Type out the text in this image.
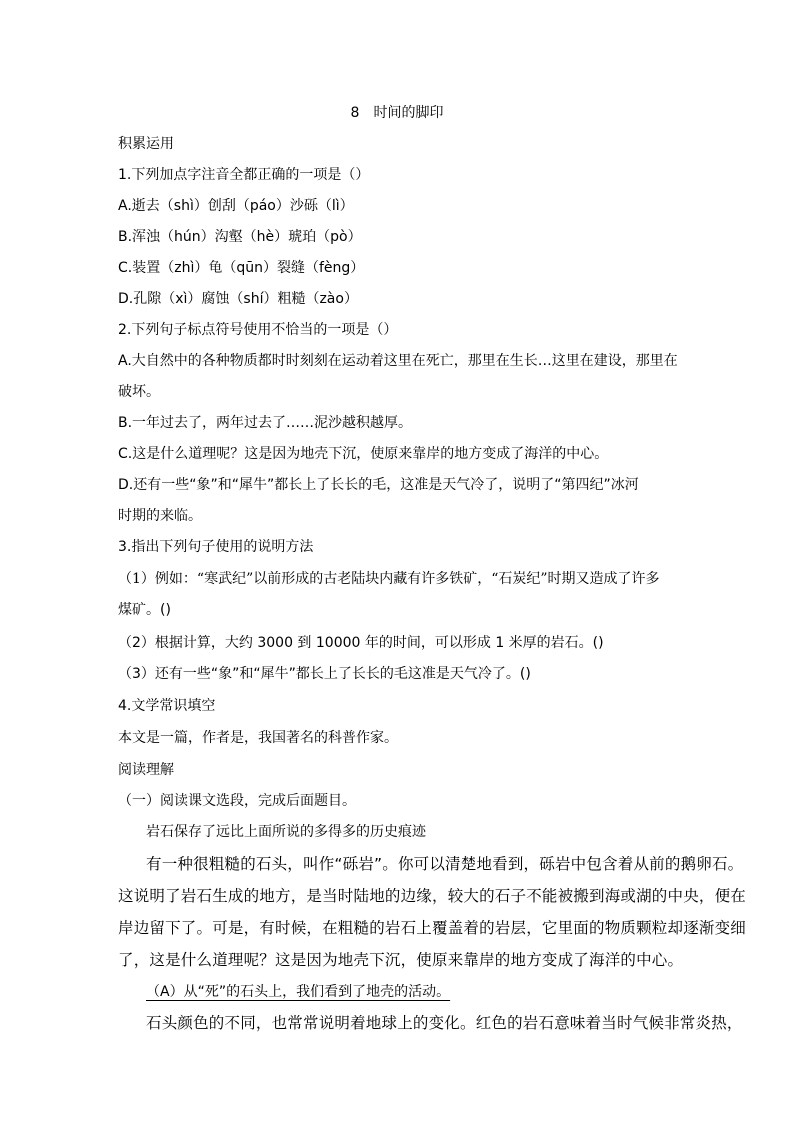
8　时间的脚印
积累运用
1.下列加点字注音全都正确的一项是（）
A.逝去（shì）创刮（páo）沙砾（lì）
B.浑浊（hún）沟壑（hè）琥珀（pò）
C.装置（zhì）龟（qūn）裂缝（fèng）
D.孔隙（xì）腐蚀（shí）粗糙（zào）
2.下列句子标点符号使用不恰当的一项是（）
A.大自然中的各种物质都时时刻刻在运动着这里在死亡，那里在生长…这里在建设，那里在
破坏。
B.一年过去了，两年过去了……泥沙越积越厚。
C.这是什么道理呢？这是因为地壳下沉，使原来靠岸的地方变成了海洋的中心。
D.还有一些“象”和“犀牛”都长上了长长的毛，这准是天气冷了，说明了“第四纪”冰河
时期的来临。
3.指出下列句子使用的说明方法
（1）例如：“寒武纪”以前形成的古老陆块内藏有许多铁矿，“石炭纪”时期又造成了许多
煤矿。()
（2）根据计算，大约 3000 到 10000 年的时间，可以形成 1 米厚的岩石。()
（3）还有一些“象”和“犀牛”都长上了长长的毛这准是天气冷了。()
4.文学常识填空
本文是一篇，作者是，我国著名的科普作家。
阅读理解
（一）阅读课文选段，完成后面题目。
岩石保存了远比上面所说的多得多的历史痕迹
有一种很粗糙的石头，叫作“砾岩”。你可以清楚地看到，砾岩中包含着从前的鹅卵石。
这说明了岩石生成的地方，是当时陆地的边缘，较大的石子不能被搬到海或湖的中央，便在
岸边留下了。可是，有时候，在粗糙的岩石上覆盖着的岩层，它里面的物质颗粒却逐渐变细
了，这是什么道理呢？这是因为地壳下沉，使原来靠岸的地方变成了海洋的中心。
（A）从“死”的石头上，我们看到了地壳的活动。
石头颜色的不同，也常常说明着地球上的变化。红色的岩石意味着当时气候非常炎热，
